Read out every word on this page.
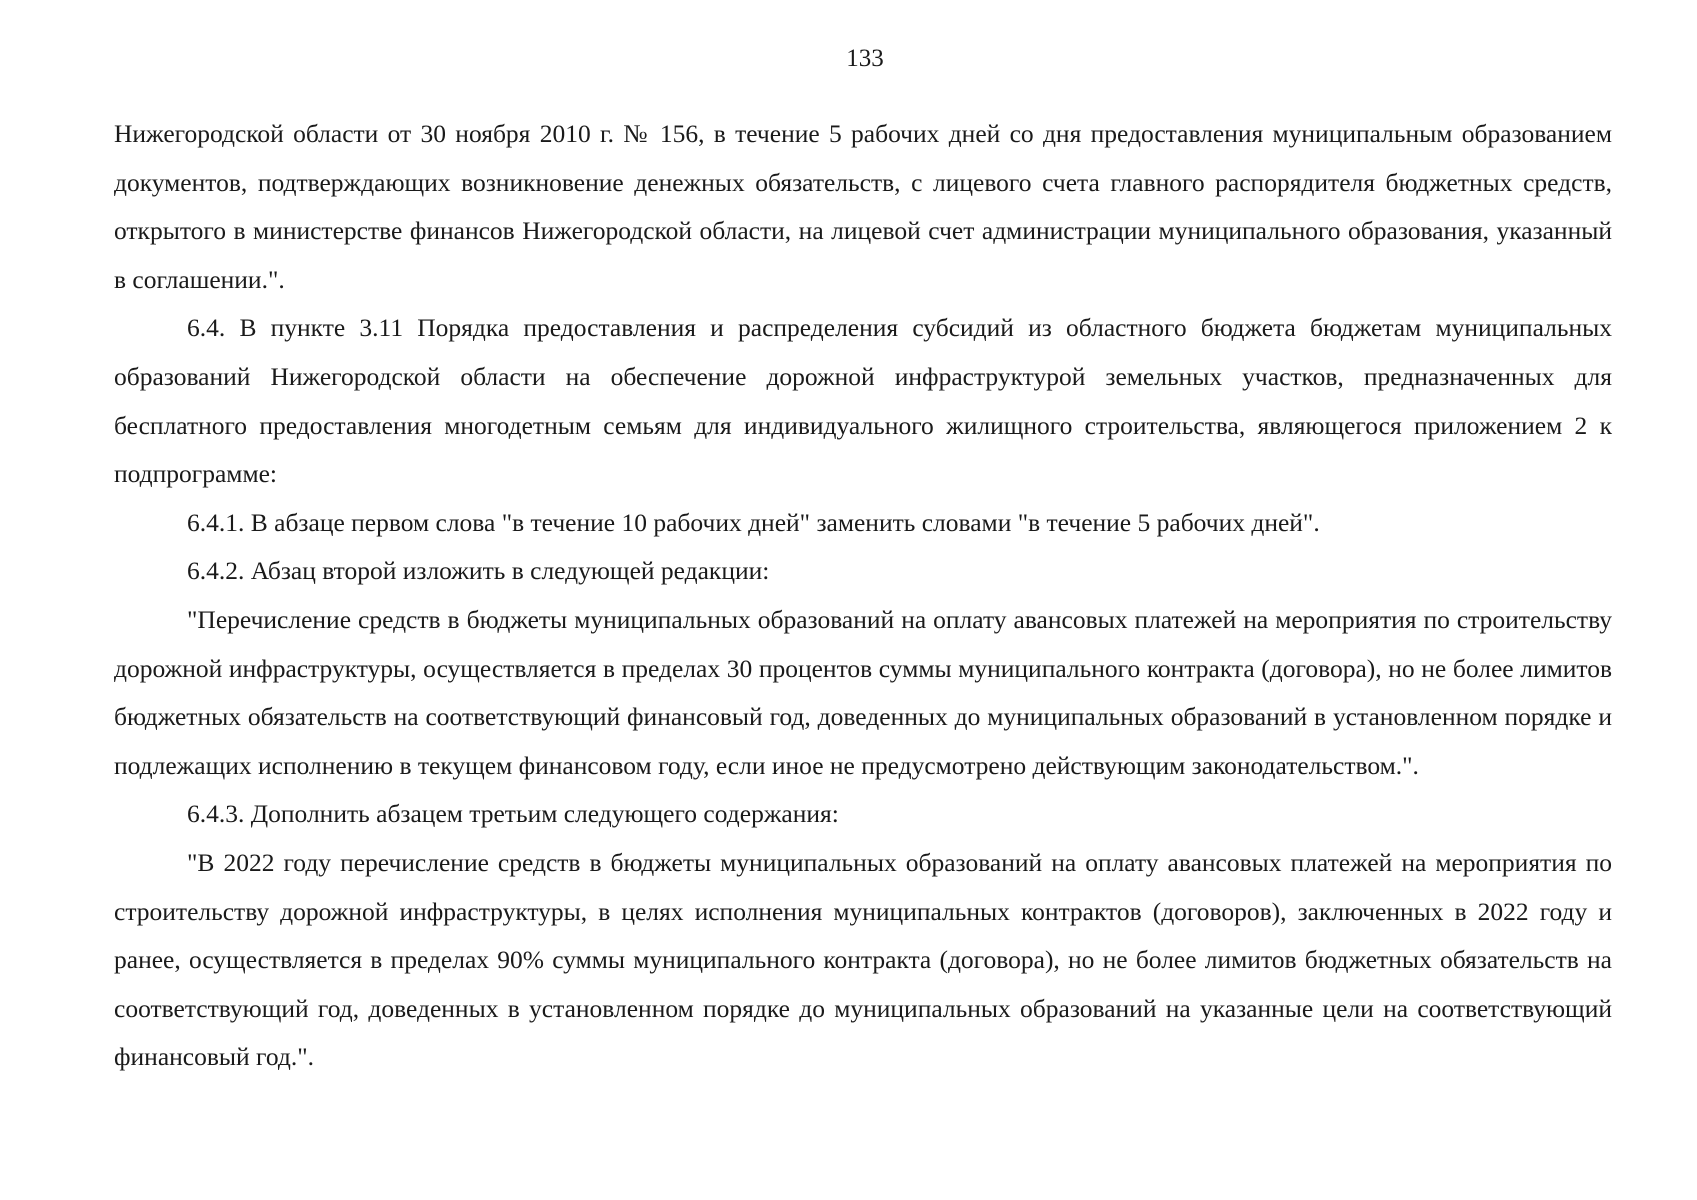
133

Нижегородской области от 30 ноября 2010 г. № 156, в течение 5 рабочих дней со дня предоставления муниципальным образованием документов, подтверждающих возникновение денежных обязательств, с лицевого счета главного распорядителя бюджетных средств, открытого в министерстве финансов Нижегородской области, на лицевой счет администрации муниципального образования, указанный в соглашении.".

6.4. В пункте 3.11 Порядка предоставления и распределения субсидий из областного бюджета бюджетам муниципальных образований Нижегородской области на обеспечение дорожной инфраструктурой земельных участков, предназначенных для бесплатного предоставления многодетным семьям для индивидуального жилищного строительства, являющегося приложением 2 к подпрограмме:

6.4.1. В абзаце первом слова "в течение 10 рабочих дней" заменить словами "в течение 5 рабочих дней".

6.4.2. Абзац второй изложить в следующей редакции:

"Перечисление средств в бюджеты муниципальных образований на оплату авансовых платежей на мероприятия по строительству дорожной инфраструктуры, осуществляется в пределах 30 процентов суммы муниципального контракта (договора), но не более лимитов бюджетных обязательств на соответствующий финансовый год, доведенных до муниципальных образований в установленном порядке и подлежащих исполнению в текущем финансовом году, если иное не предусмотрено действующим законодательством.".

6.4.3. Дополнить абзацем третьим следующего содержания:

"В 2022 году перечисление средств в бюджеты муниципальных образований на оплату авансовых платежей на мероприятия по строительству дорожной инфраструктуры, в целях исполнения муниципальных контрактов (договоров), заключенных в 2022 году и ранее, осуществляется в пределах 90% суммы муниципального контракта (договора), но не более лимитов бюджетных обязательств на соответствующий год, доведенных в установленном порядке до муниципальных образований на указанные цели на соответствующий финансовый год.".
